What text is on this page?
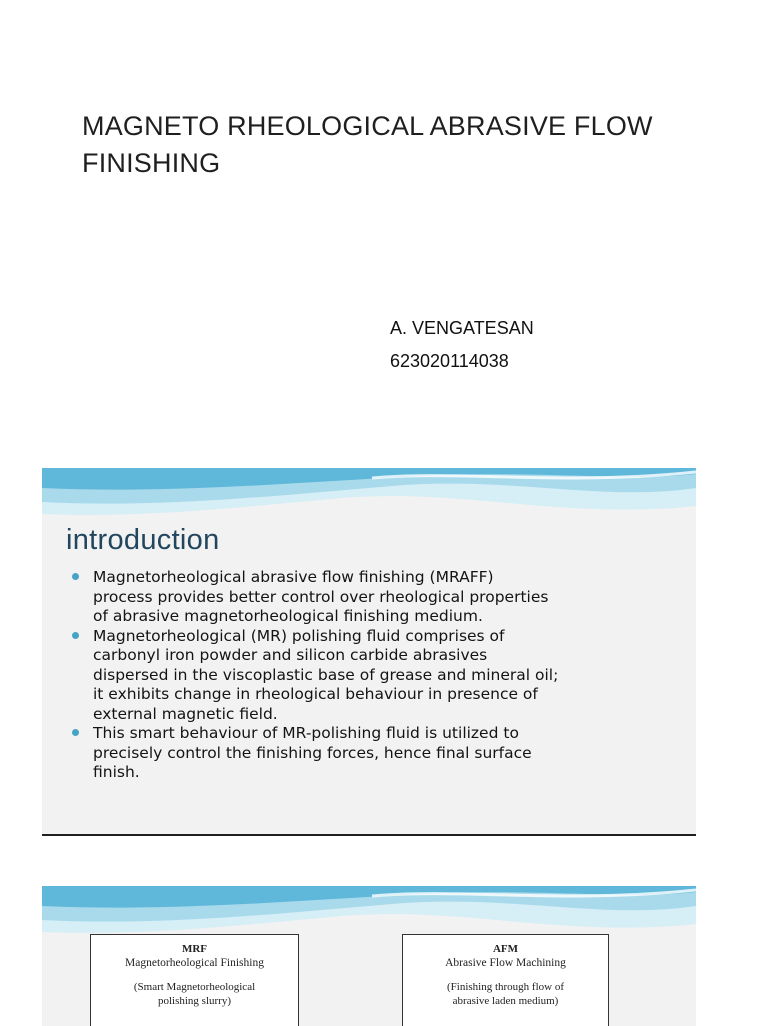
MAGNETO RHEOLOGICAL ABRASIVE FLOW
FINISHING
A. VENGATESAN
623020114038
introduction
Magnetorheological abrasive flow finishing (MRAFF)
process provides better control over rheological properties
of abrasive magnetorheological finishing medium.
Magnetorheological (MR) polishing fluid comprises of
carbonyl iron powder and silicon carbide abrasives
dispersed in the viscoplastic base of grease and mineral oil;
it exhibits change in rheological behaviour in presence of
external magnetic field.
This smart behaviour of MR-polishing fluid is utilized to
precisely control the finishing forces, hence final surface
finish.
MRF
Magnetorheological Finishing
(Smart Magnetorheological
polishing slurry)
AFM
Abrasive Flow Machining
(Finishing through flow of
abrasive laden medium)
